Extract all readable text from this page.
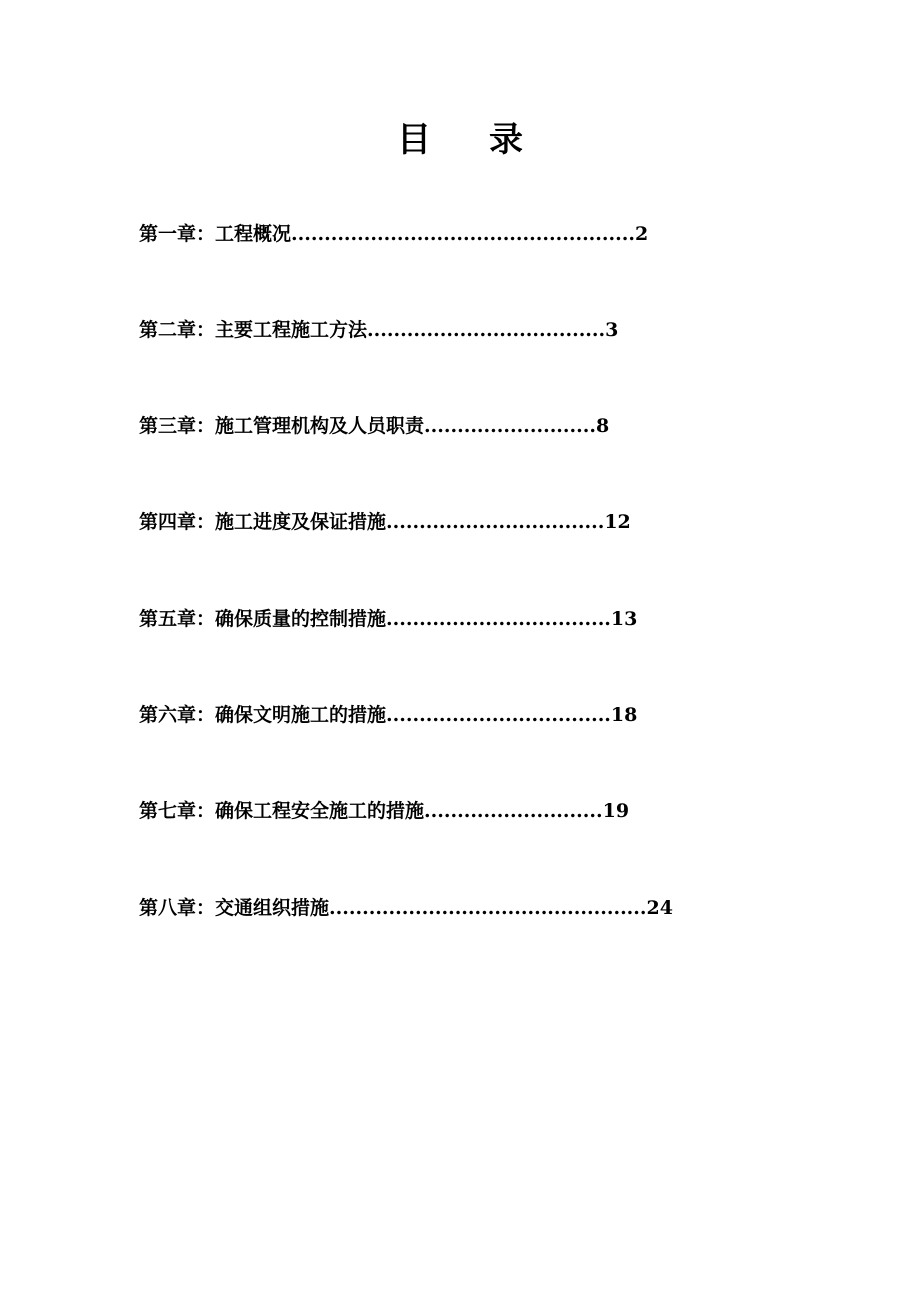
目 录
第一章：工程概况....................................................2
第二章：主要工程施工方法....................................3
第三章：施工管理机构及人员职责..........................8
第四章：施工进度及保证措施.................................12
第五章：确保质量的控制措施..................................13
第六章：确保文明施工的措施..................................18
第七章：确保工程安全施工的措施...........................19
第八章：交通组织措施................................................24
